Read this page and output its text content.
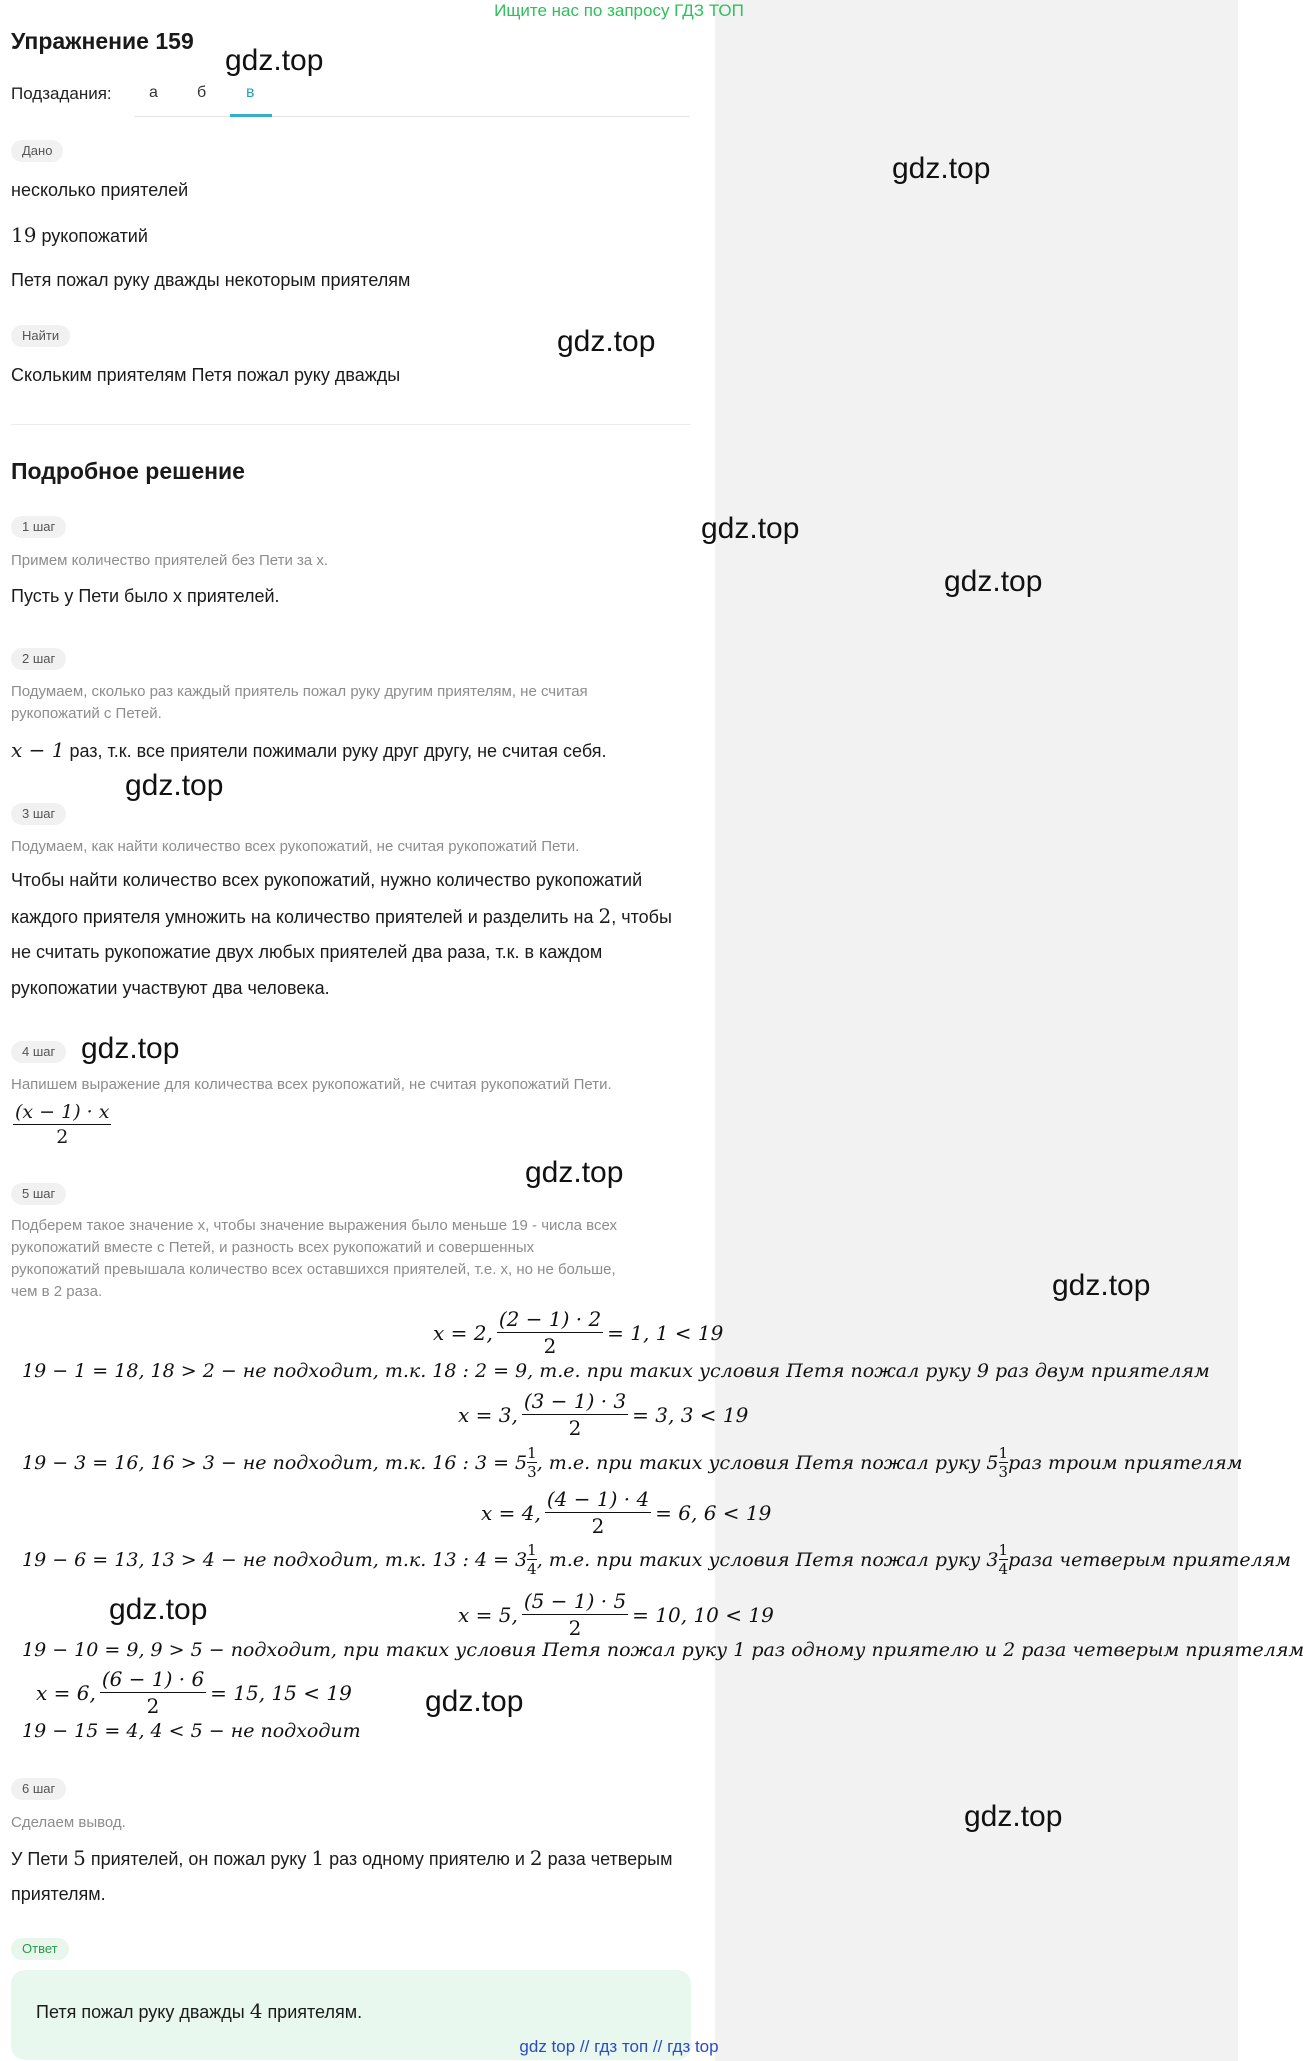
Ищите нас по запросу ГДЗ ТОП
Упражнение 159
Подзадания: а б в
Дано
несколько приятелей
19 рукопожатий
Петя пожал руку дважды некоторым приятелям
Найти
Скольким приятелям Петя пожал руку дважды
Подробное решение
1 шаг
Примем количество приятелей без Пети за x.
Пусть у Пети было x приятелей.
2 шаг
Подумаем, сколько раз каждый приятель пожал руку другим приятелям, не считая
рукопожатий с Петей.
x − 1 раз, т.к. все приятели пожимали руку друг другу, не считая себя.
3 шаг
Подумаем, как найти количество всех рукопожатий, не считая рукопожатий Пети.
Чтобы найти количество всех рукопожатий, нужно количество рукопожатий
каждого приятеля умножить на количество приятелей и разделить на 2, чтобы
не считать рукопожатие двух любых приятелей два раза, т.к. в каждом
рукопожатии участвуют два человека.
4 шаг
Напишем выражение для количества всех рукопожатий, не считая рукопожатий Пети.
$\frac{(x - 1) \cdot x}{2}$
5 шаг
Подберем такое значение x, чтобы значение выражения было меньше 19 - числа всех
рукопожатий вместе с Петей, и разность всех рукопожатий и совершенных
рукопожатий превышала количество всех оставшихся приятелей, т.е. x, но не больше,
чем в 2 раза.
x = 2, $\frac{(2 - 1) \cdot 2}{2} = 1$, 1 < 19
19 − 1 = 18, 18 > 2 − не подходит, т.к. 18 : 2 = 9, т.е. при таких условия Петя пожал руку 9 раз двум приятелям
x = 3, $\frac{(3 - 1) \cdot 3}{2} = 3$, 3 < 19
19 − 3 = 16, 16 > 3 − не подходит, т.к. 16 : $3 = 5 \frac{1}{3}$ , т.е. при таких условия Петя пожал руку $5 \frac{1}{3}$ раз троим приятелям
x = 4, $\frac{(4 - 1) \cdot 4}{2} = 6$, 6 < 19
19 − 6 = 13, 13 > 4 − не подходит, т.к. 13 : $4 = 3 \frac{1}{4}$ , т.е. при таких условия Петя пожал руку $3 \frac{1}{4}$ раза четверым приятелям
x = 5, $\frac{(5 - 1) \cdot 5}{2} = 10$, 10 < 19
19 − 10 = 9, 9 > 5 − подходит, при таких условия Петя пожал руку 1 раз одному приятелю и 2 раза четверым приятелям
x = 6, $\frac{(6 - 1) \cdot 6}{2} = 15$, 15 < 19
19 − 15 = 4, 4 < 5 − не подходит
6 шаг
Сделаем вывод.
У Пети 5 приятелей, он пожал руку 1 раз одному приятелю и 2 раза четверым
приятелям.
Ответ
Петя пожал руку дважды 4 приятелям.
gdz.top
gdz.top
gdz.top
gdz.top
gdz.top
gdz.top
gdz.top
gdz.top
gdz.top
gdz.top
gdz.top
gdz.top
gdz top // гдз топ // гдз top
